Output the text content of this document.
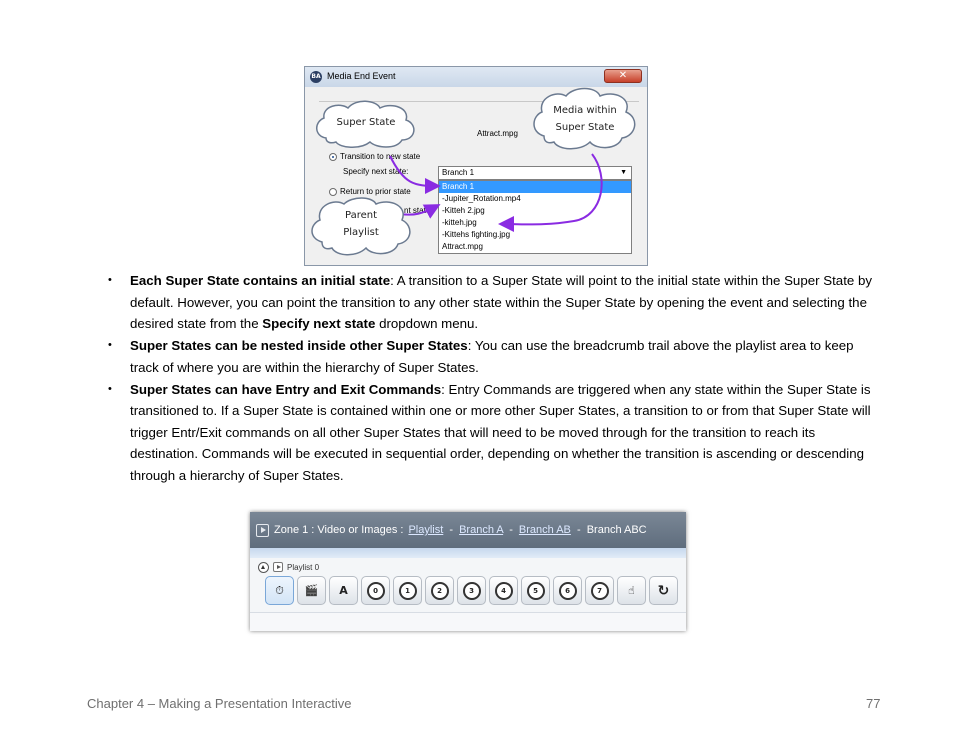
BA Media End Event	✕
Attract.mpg
Transition to new state
Specify next state:
Return to prior state
nt state
Branch 1	▼
Branch 1
-Jupiter_Rotation.mp4
-Kitteh 2.jpg
-kitteh.jpg
-Kittehs fighting.jpg
Attract.mpg
Super State
Media within
Super State
Parent
Playlist
• Each Super State contains an initial state: A transition to a Super State will point to the initial state within the Super State by default. However, you can point the transition to any other state within the Super State by opening the event and selecting the desired state from the Specify next state dropdown menu.
• Super States can be nested inside other Super States: You can use the breadcrumb trail above the playlist area to keep track of where you are within the hierarchy of Super States.
• Super States can have Entry and Exit Commands: Entry Commands are triggered when any state within the Super State is transitioned to. If a Super State is contained within one or more other Super States, a transition to or from that Super State will trigger Entr/Exit commands on all other Super States that will need to be moved through for the transition to reach its destination. Commands will be executed in sequential order, depending on whether the transition is ascending or descending through a hierarchy of Super States.
Zone 1 : Video or Images : Playlist - Branch A - Branch AB - Branch ABC
Playlist 0
⏱ 🎬 A	0	1	2	3	4	5	6	7	☝ ↻
Chapter 4 – Making a Presentation Interactive	77
